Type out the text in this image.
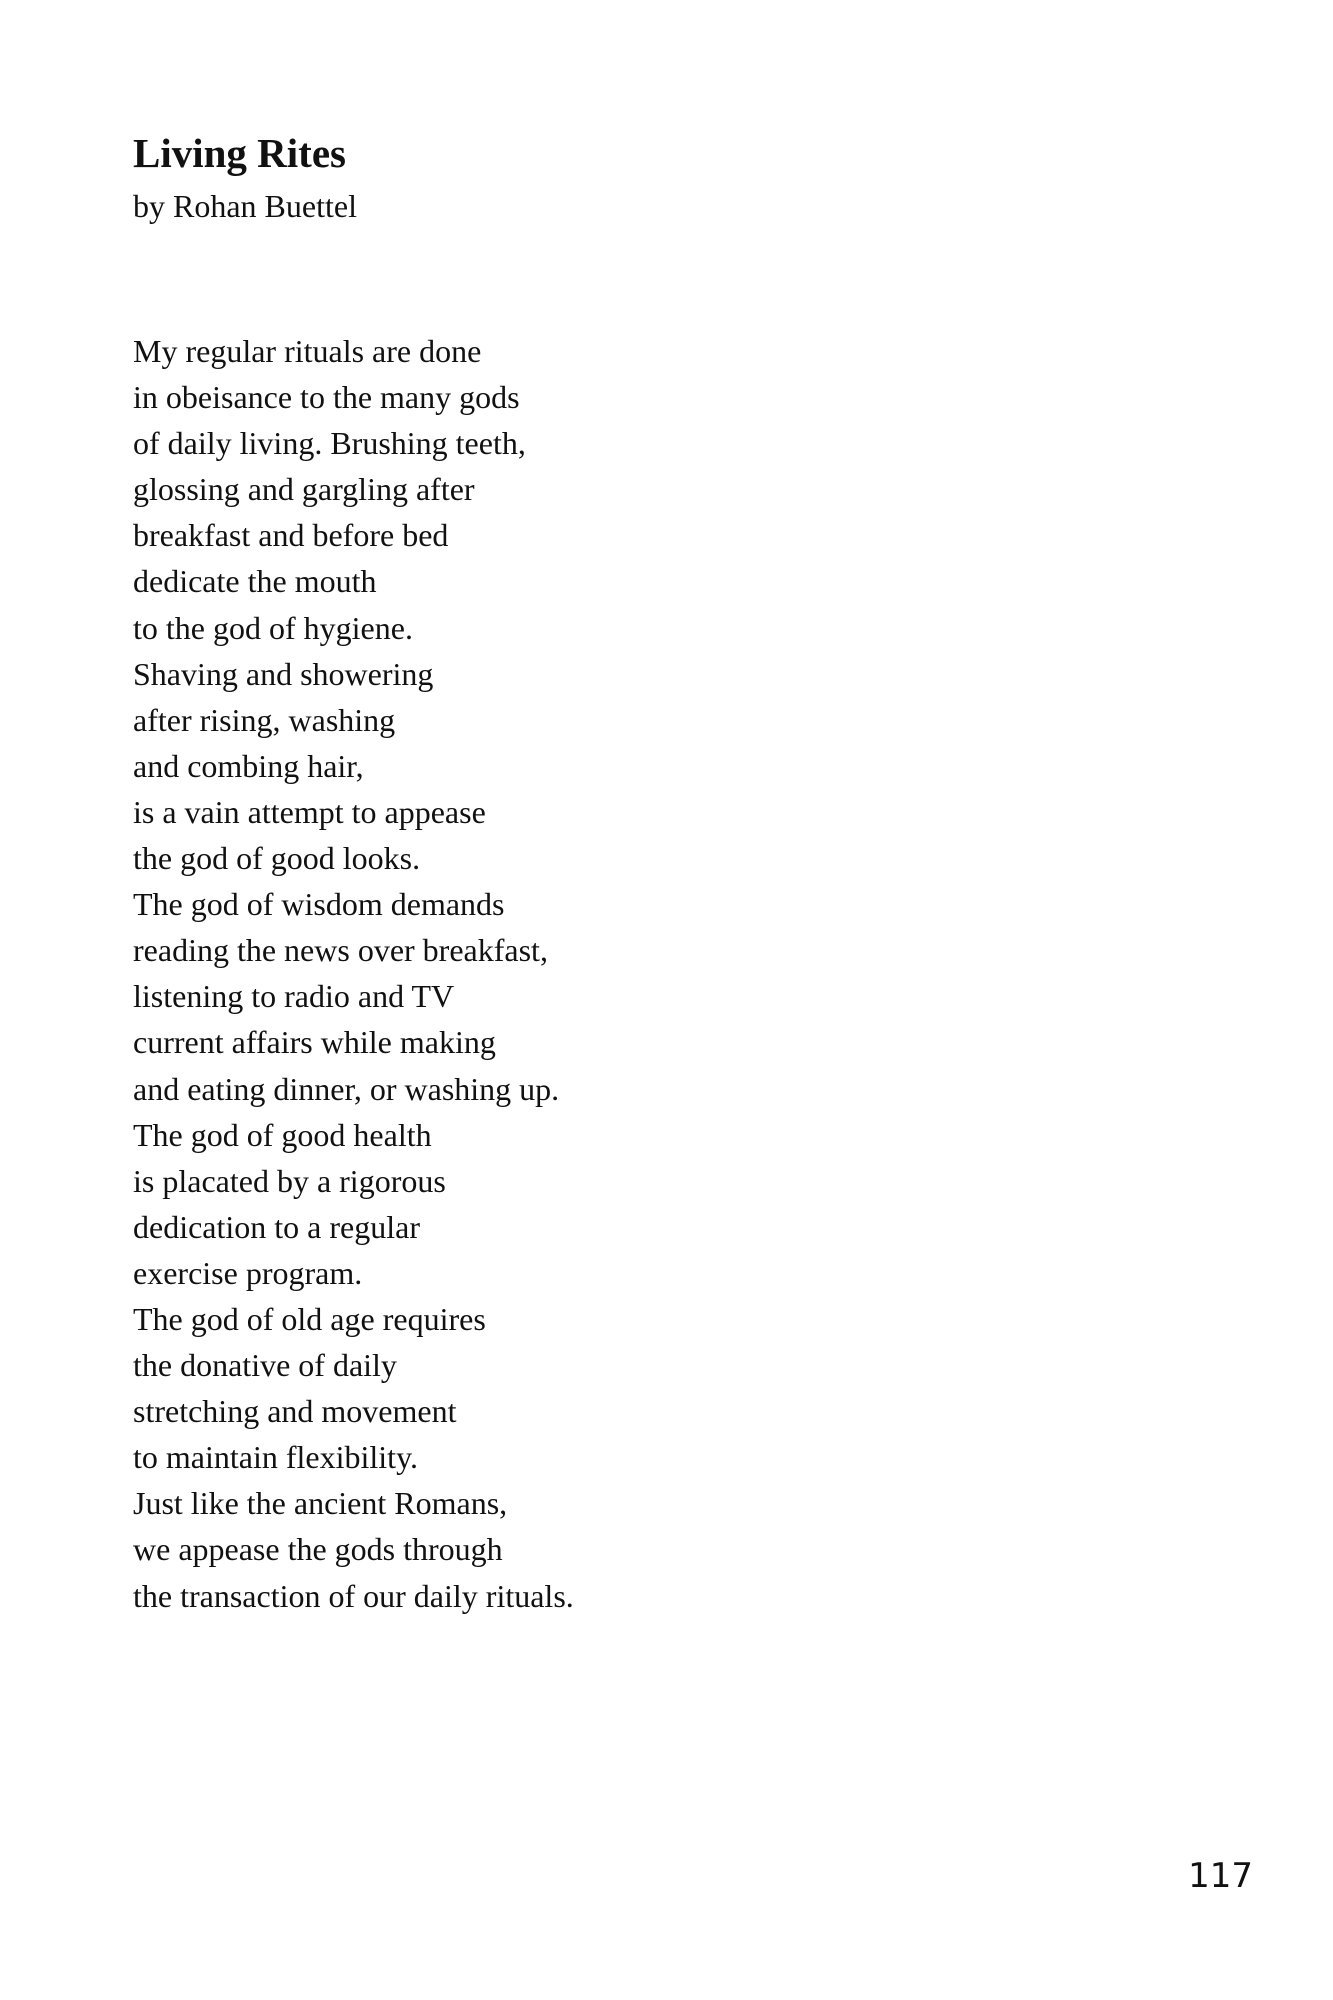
Living Rites

by Rohan Buettel

My regular rituals are done
in obeisance to the many gods
of daily living. Brushing teeth,
glossing and gargling after
breakfast and before bed
dedicate the mouth
to the god of hygiene.
Shaving and showering
after rising, washing
and combing hair,
is a vain attempt to appease
the god of good looks.
The god of wisdom demands
reading the news over breakfast,
listening to radio and TV
current affairs while making
and eating dinner, or washing up.
The god of good health
is placated by a rigorous
dedication to a regular
exercise program.
The god of old age requires
the donative of daily
stretching and movement
to maintain flexibility.
Just like the ancient Romans,
we appease the gods through
the transaction of our daily rituals.

117
